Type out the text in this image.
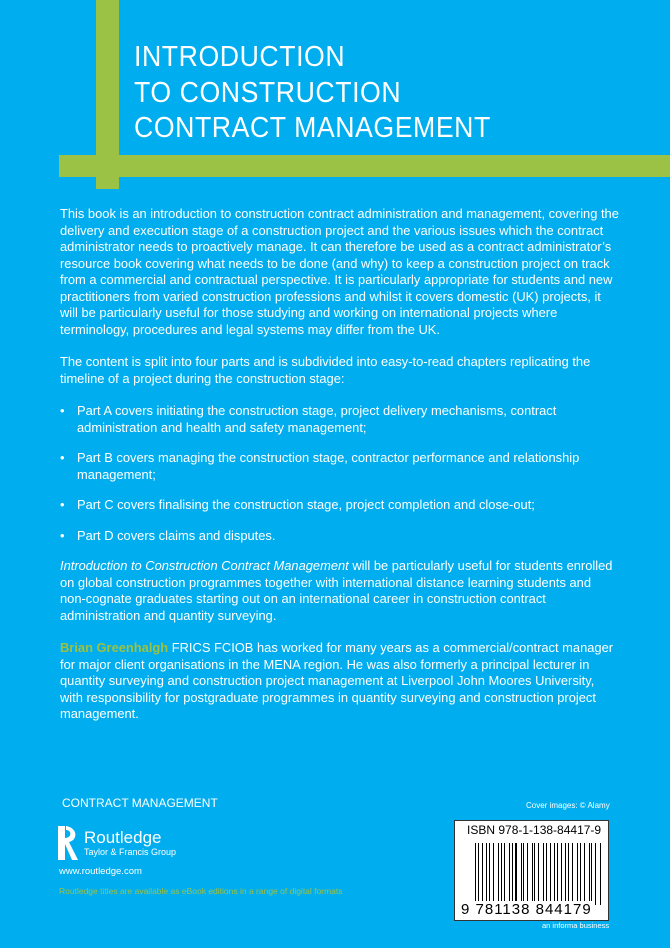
INTRODUCTION
TO CONSTRUCTION
CONTRACT MANAGEMENT

This book is an introduction to construction contract administration and management, covering the delivery and execution stage of a construction project and the various issues which the contract administrator needs to proactively manage. It can therefore be used as a contract administrator’s resource book covering what needs to be done (and why) to keep a construction project on track from a commercial and contractual perspective. It is particularly appropriate for students and new practitioners from varied construction professions and whilst it covers domestic (UK) projects, it will be particularly useful for those studying and working on international projects where terminology, procedures and legal systems may differ from the UK.

The content is split into four parts and is subdivided into easy-to-read chapters replicating the timeline of a project during the construction stage:

• Part A covers initiating the construction stage, project delivery mechanisms, contract administration and health and safety management;
• Part B covers managing the construction stage, contractor performance and relationship management;
• Part C covers finalising the construction stage, project completion and close-out;
• Part D covers claims and disputes.

Introduction to Construction Contract Management will be particularly useful for students enrolled on global construction programmes together with international distance learning students and non-cognate graduates starting out on an international career in construction contract administration and quantity surveying.

Brian Greenhalgh FRICS FCIOB has worked for many years as a commercial/contract manager for major client organisations in the MENA region. He was also formerly a principal lecturer in quantity surveying and construction project management at Liverpool John Moores University, with responsibility for postgraduate programmes in quantity surveying and construction project management.

CONTRACT MANAGEMENT
Routledge
Taylor & Francis Group
www.routledge.com
Routledge titles are available as eBook editions in a range of digital formats
Cover images: © Alamy
ISBN 978-1-138-84417-9
9 781138 844179
an informa business
